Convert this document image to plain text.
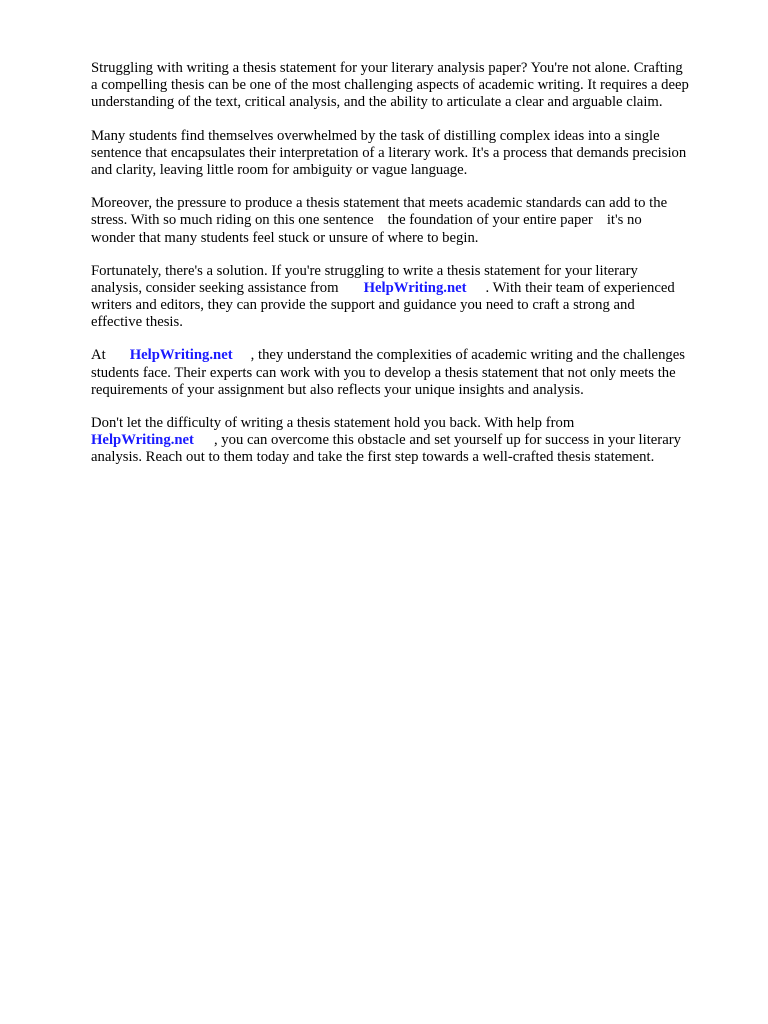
Struggling with writing a thesis statement for your literary analysis paper? You're not alone. Crafting
a compelling thesis can be one of the most challenging aspects of academic writing. It requires a deep
understanding of the text, critical analysis, and the ability to articulate a clear and arguable claim.

Many students find themselves overwhelmed by the task of distilling complex ideas into a single
sentence that encapsulates their interpretation of a literary work. It's a process that demands precision
and clarity, leaving little room for ambiguity or vague language.

Moreover, the pressure to produce a thesis statement that meets academic standards can add to the
stress. With so much riding on this one sentence the foundation of your entire paper it's no
wonder that many students feel stuck or unsure of where to begin.

Fortunately, there's a solution. If you're struggling to write a thesis statement for your literary
analysis, consider seeking assistance from HelpWriting.net . With their team of experienced
writers and editors, they can provide the support and guidance you need to craft a strong and
effective thesis.

At HelpWriting.net , they understand the complexities of academic writing and the challenges
students face. Their experts can work with you to develop a thesis statement that not only meets the
requirements of your assignment but also reflects your unique insights and analysis.

Don't let the difficulty of writing a thesis statement hold you back. With help from
HelpWriting.net , you can overcome this obstacle and set yourself up for success in your literary
analysis. Reach out to them today and take the first step towards a well-crafted thesis statement.
